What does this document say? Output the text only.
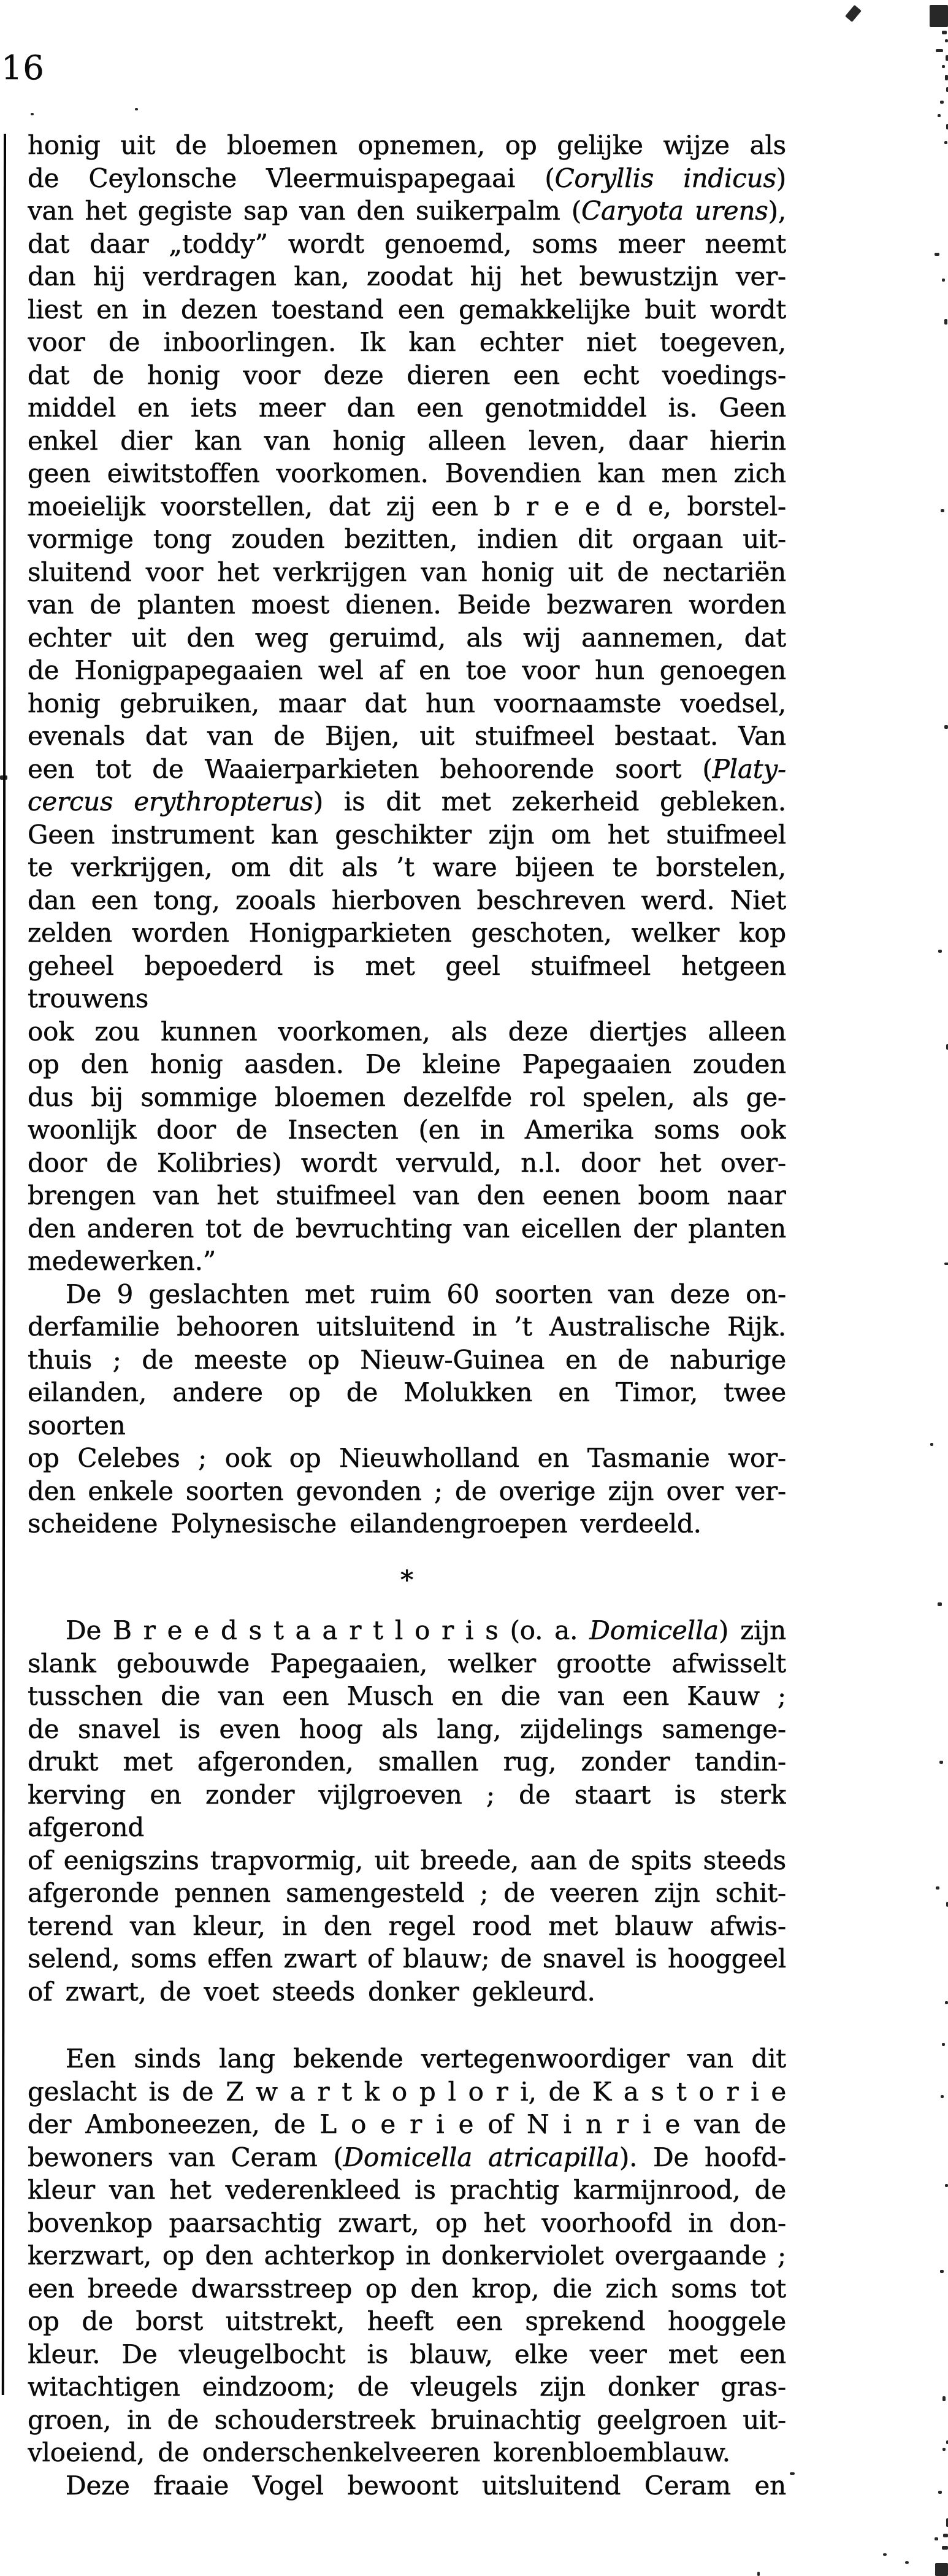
16
honig uit de bloemen opnemen, op gelijke wijze als
de Ceylonsche Vleermuispapegaai (Coryllis indicus)
van het gegiste sap van den suikerpalm (Caryota urens),
dat daar „toddy” wordt genoemd, soms meer neemt
dan hij verdragen kan, zoodat hij het bewustzijn ver-
liest en in dezen toestand een gemakkelijke buit wordt
voor de inboorlingen. Ik kan echter niet toegeven,
dat de honig voor deze dieren een echt voedings-
middel en iets meer dan een genotmiddel is. Geen
enkel dier kan van honig alleen leven, daar hierin
geen eiwitstoffen voorkomen. Bovendien kan men zich
moeielijk voorstellen, dat zij een b r e e d e, borstel-
vormige tong zouden bezitten, indien dit orgaan uit-
sluitend voor het verkrijgen van honig uit de nectariën
van de planten moest dienen. Beide bezwaren worden
echter uit den weg geruimd, als wij aannemen, dat
de Honigpapegaaien wel af en toe voor hun genoegen
honig gebruiken, maar dat hun voornaamste voedsel,
evenals dat van de Bijen, uit stuifmeel bestaat. Van
een tot de Waaierparkieten behoorende soort (Platy-
cercus erythropterus) is dit met zekerheid gebleken.
Geen instrument kan geschikter zijn om het stuifmeel
te verkrijgen, om dit als ’t ware bijeen te borstelen,
dan een tong, zooals hierboven beschreven werd. Niet
zelden worden Honigparkieten geschoten, welker kop
geheel bepoederd is met geel stuifmeel hetgeen trouwens
ook zou kunnen voorkomen, als deze diertjes alleen
op den honig aasden. De kleine Papegaaien zouden
dus bij sommige bloemen dezelfde rol spelen, als ge-
woonlijk door de Insecten (en in Amerika soms ook
door de Kolibries) wordt vervuld, n.l. door het over-
brengen van het stuifmeel van den eenen boom naar
den anderen tot de bevruchting van eicellen der planten
medewerken.”
De 9 geslachten met ruim 60 soorten van deze on-
derfamilie behooren uitsluitend in ’t Australische Rijk.
thuis ; de meeste op Nieuw-Guinea en de naburige
eilanden, andere op de Molukken en Timor, twee soorten
op Celebes ; ook op Nieuwholland en Tasmanie wor-
den enkele soorten gevonden ; de overige zijn over ver-
scheidene Polynesische eilandengroepen verdeeld.
*
De B r e e d s t a a r t l o r i s (o. a. Domicella) zijn
slank gebouwde Papegaaien, welker grootte afwisselt
tusschen die van een Musch en die van een Kauw ;
de snavel is even hoog als lang, zijdelings samenge-
drukt met afgeronden, smallen rug, zonder tandin-
kerving en zonder vijlgroeven ; de staart is sterk afgerond
of eenigszins trapvormig, uit breede, aan de spits steeds
afgeronde pennen samengesteld ; de veeren zijn schit-
terend van kleur, in den regel rood met blauw afwis-
selend, soms effen zwart of blauw; de snavel is hooggeel
of zwart, de voet steeds donker gekleurd.
Een sinds lang bekende vertegenwoordiger van dit
geslacht is de Z w a r t k o p l o r i, de K a s t o r i e
der Amboneezen, de L o e r i e of N i n r i e van de
bewoners van Ceram (Domicella atricapilla). De hoofd-
kleur van het vederenkleed is prachtig karmijnrood, de
bovenkop paarsachtig zwart, op het voorhoofd in don-
kerzwart, op den achterkop in donkerviolet overgaande ;
een breede dwarsstreep op den krop, die zich soms tot
op de borst uitstrekt, heeft een sprekend hooggele
kleur. De vleugelbocht is blauw, elke veer met een
witachtigen eindzoom; de vleugels zijn donker gras-
groen, in de schouderstreek bruinachtig geelgroen uit-
vloeiend, de onderschenkelveeren korenbloemblauw.
Deze fraaie Vogel bewoont uitsluitend Ceram en
